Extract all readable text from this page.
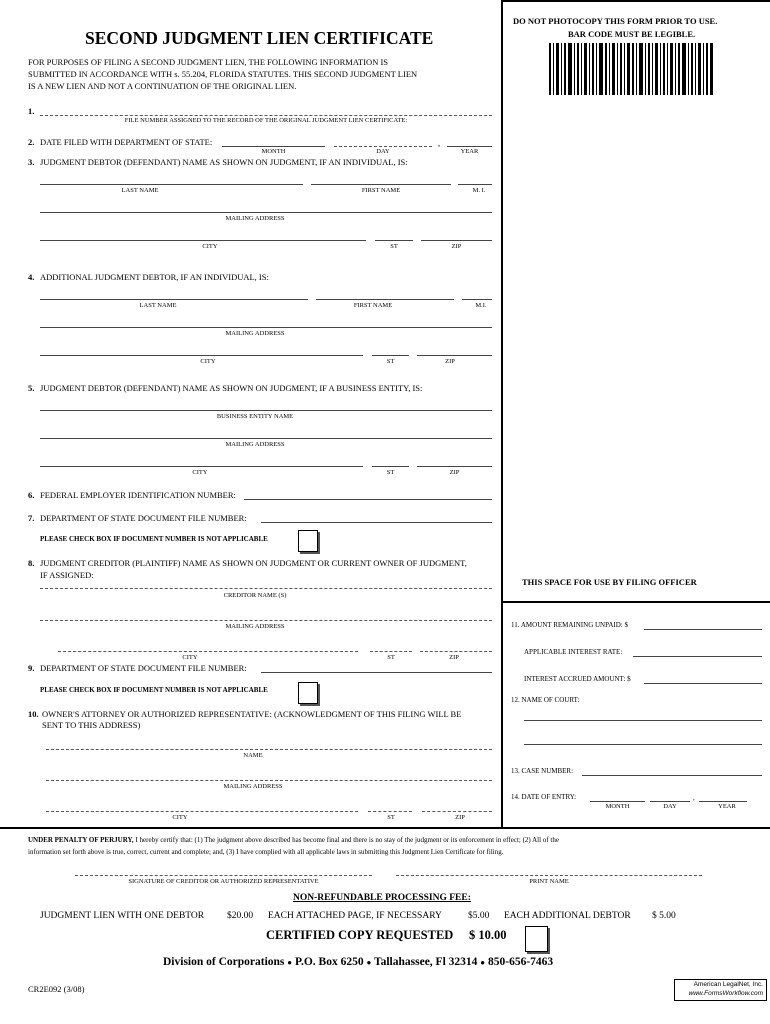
SECOND JUDGMENT LIEN CERTIFICATE
FOR PURPOSES OF FILING A SECOND JUDGMENT LIEN, THE FOLLOWING INFORMATION IS
SUBMITTED IN ACCORDANCE WITH s. 55.204, FLORIDA STATUTES. THIS SECOND JUDGMENT LIEN
IS A NEW LIEN AND NOT A CONTINUATION OF THE ORIGINAL LIEN.
DO NOT PHOTOCOPY THIS FORM PRIOR TO USE.
BAR CODE MUST BE LEGIBLE.
1.
FILE NUMBER ASSIGNED TO THE RECORD OF THE ORIGINAL JUDGMENT LIEN CERTIFICATE:
2. DATE FILED WITH DEPARTMENT OF STATE:	,
MONTH	DAY	YEAR
3. JUDGMENT DEBTOR (DEFENDANT) NAME AS SHOWN ON JUDGMENT, IF AN INDIVIDUAL, IS:
LAST NAME	FIRST NAME	M. I.
MAILING ADDRESS
CITY	ST	ZIP
4. ADDITIONAL JUDGMENT DEBTOR, IF AN INDIVIDUAL, IS:
LAST NAME	FIRST NAME	M.I.
MAILING ADDRESS
CITY	ST	ZIP
5. JUDGMENT DEBTOR (DEFENDANT) NAME AS SHOWN ON JUDGMENT, IF A BUSINESS ENTITY, IS:
BUSINESS ENTITY NAME
MAILING ADDRESS
CITY	ST	ZIP
6. FEDERAL EMPLOYER IDENTIFICATION NUMBER:
7. DEPARTMENT OF STATE DOCUMENT FILE NUMBER:
PLEASE CHECK BOX IF DOCUMENT NUMBER IS NOT APPLICABLE
8. JUDGMENT CREDITOR (PLAINTIFF) NAME AS SHOWN ON JUDGMENT OR CURRENT OWNER OF JUDGMENT,
IF ASSIGNED:
CREDITOR NAME (S)
MAILING ADDRESS
CITY	ST	ZIP
9. DEPARTMENT OF STATE DOCUMENT FILE NUMBER:
PLEASE CHECK BOX IF DOCUMENT NUMBER IS NOT APPLICABLE
10. OWNER'S ATTORNEY OR AUTHORIZED REPRESENTATIVE: (ACKNOWLEDGMENT OF THIS FILING WILL BE
SENT TO THIS ADDRESS)
NAME
MAILING ADDRESS
CITY	ST	ZIP
THIS SPACE FOR USE BY FILING OFFICER
11. AMOUNT REMAINING UNPAID: $
APPLICABLE INTEREST RATE:
INTEREST ACCRUED AMOUNT: $
12. NAME OF COURT:
13. CASE NUMBER:
14. DATE OF ENTRY:	,
MONTH	DAY	YEAR
UNDER PENALTY OF PERJURY, I hereby certify that: (1) The judgment above described has become final and there is no stay of the judgment or its enforcement in effect; (2) All of the
information set forth above is true, correct, current and complete; and, (3) I have complied with all applicable laws in submitting this Judgment Lien Certificate for filing.
SIGNATURE OF CREDITOR OR AUTHORIZED REPRESENTATIVE	PRINT NAME
NON-REFUNDABLE PROCESSING FEE:
JUDGMENT LIEN WITH ONE DEBTOR $20.00 EACH ATTACHED PAGE, IF NECESSARY	$5.00 EACH ADDITIONAL DEBTOR $ 5.00
CERTIFIED COPY REQUESTED     $ 10.00
Division of Corporations ● P.O. Box 6250 ● Tallahassee, Fl 32314 ● 850-656-7463
CR2E092 (3/08)	American LegalNet, Inc.
www.FormsWorkflow.com
